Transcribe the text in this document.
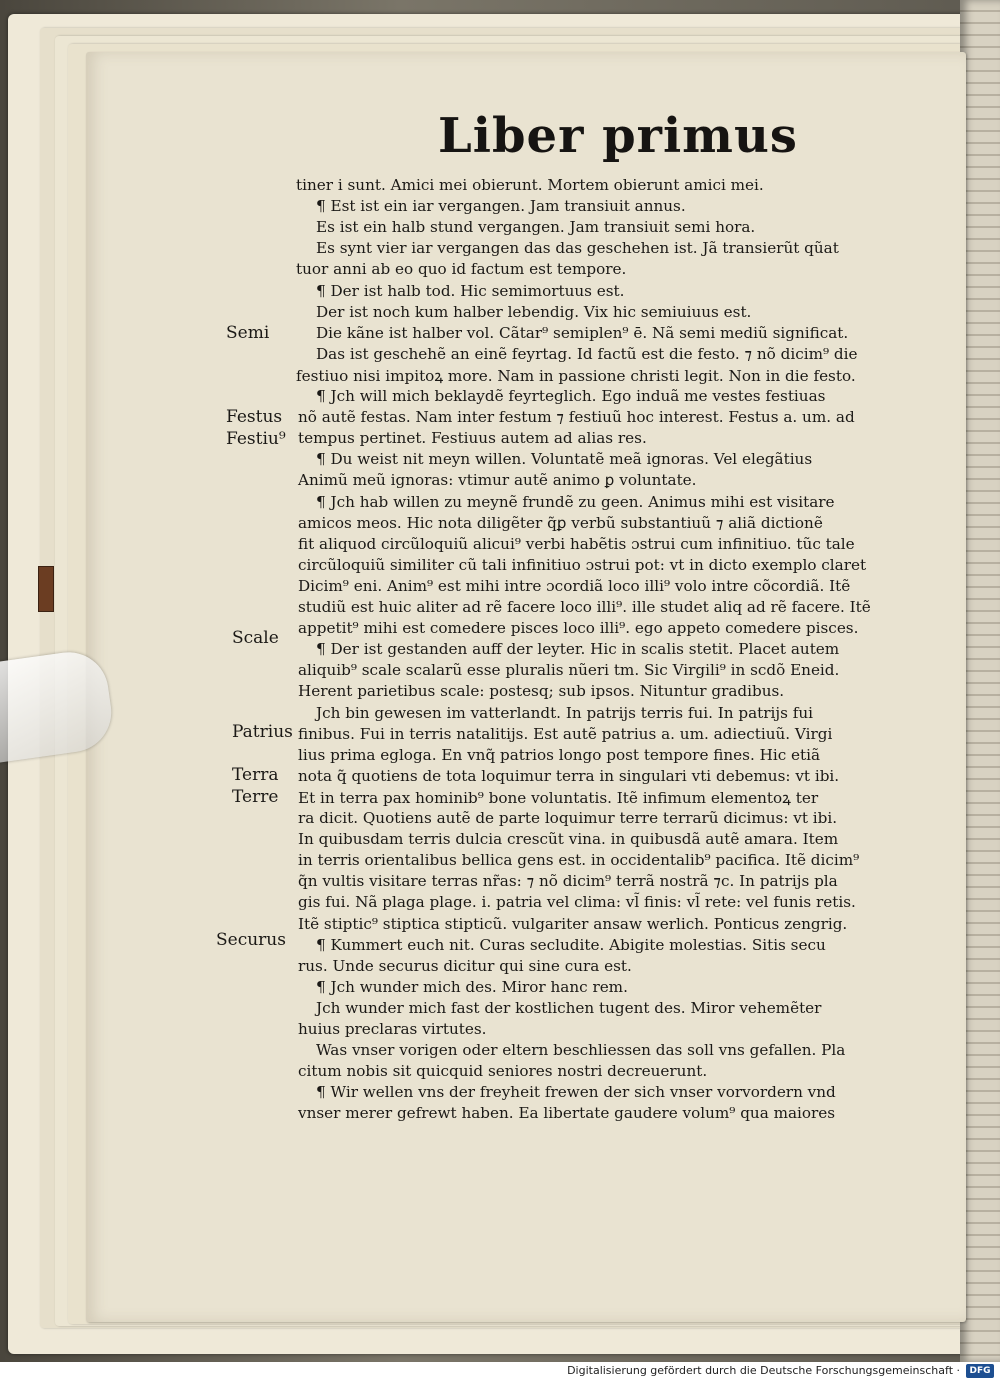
Liber primus
tiner i sunt. Amici mei obierunt. Mortem obierunt amici mei.
¶ Est ist ein iar vergangen. Jam transiuit annus.
Es ist ein halb stund vergangen. Jam transiuit semi hora.
Es synt vier iar vergangen das das geschehen ist. Jã transierũt qũat
tuor anni ab eo quo id factum est tempore.
¶ Der ist halb tod. Hic semimortuus est.
Der ist noch kum halber lebendig. Vix hic semiuiuus est.
Die kãne ist halber vol. Cãtar⁹ semiplen⁹ ē. Nã semi mediũ significat.
Das ist geschehẽ an einẽ feyrtag. Id factũ est die festo. ⁊ nõ dicim⁹ die
festiuo nisi impitoꝝ more. Nam in passione christi legit. Non in die festo.
¶ Jch will mich beklaydẽ feyrteglich. Ego induã me vestes festiuas
nõ autẽ festas. Nam inter festum ⁊ festiuũ hoc interest. Festus a. um. ad
tempus pertinet. Festiuus autem ad alias res.
¶ Du weist nit meyn willen. Voluntatẽ meã ignoras. Vel elegãtius
Animũ meũ ignoras: vtimur autẽ animo ꝑ voluntate.
¶ Jch hab willen zu meynẽ frundẽ zu geen. Animus mihi est visitare
amicos meos. Hic nota diligẽter q̃ꝑ verbũ substantiuũ ⁊ aliã dictionẽ
fit aliquod circũloquiũ alicui⁹ verbi habẽtis ɔstrui cum infinitiuo. tũc tale
circũloquiũ similiter cũ tali infinitiuo ɔstrui pot: vt in dicto exemplo claret
Dicim⁹ eni. Anim⁹ est mihi intre ɔcordiã loco illi⁹ volo intre cõcordiã. Itẽ
studiũ est huic aliter ad rẽ facere loco illi⁹. ille studet aliq ad rẽ facere. Itẽ
appetit⁹ mihi est comedere pisces loco illi⁹. ego appeto comedere pisces.
¶ Der ist gestanden auff der leyter. Hic in scalis stetit. Placet autem
aliquib⁹ scale scalarũ esse pluralis nũeri tm. Sic Virgili⁹ in scdõ Eneid.
Herent parietibus scale: postesq; sub ipsos. Nituntur gradibus.
Jch bin gewesen im vatterlandt. In patrijs terris fui. In patrijs fui
finibus. Fui in terris natalitijs. Est autẽ patrius a. um. adiectiuũ. Virgi
lius prima egloga. En vnq̃ patrios longo post tempore fines. Hic etiã
nota q̃ quotiens de tota loquimur terra in singulari vti debemus: vt ibi.
Et in terra pax hominib⁹ bone voluntatis. Itẽ infimum elementoꝝ ter
ra dicit. Quotiens autẽ de parte loquimur terre terrarũ dicimus: vt ibi.
In quibusdam terris dulcia crescũt vina. in quibusdã autẽ amara. Item
in terris orientalibus bellica gens est. in occidentalib⁹ pacifica. Itẽ dicim⁹
q̃n vultis visitare terras nr̃as: ⁊ nõ dicim⁹ terrã nostrã ⁊c. In patrijs pla
gis fui. Nã plaga plage. i. patria vel clima: vl̃ finis: vl̃ rete: vel funis retis.
Itẽ stiptic⁹ stiptica stipticũ. vulgariter ansaw werlich. Ponticus zengrig.
¶ Kummert euch nit. Curas secludite. Abigite molestias. Sitis secu
rus. Unde securus dicitur qui sine cura est.
¶ Jch wunder mich des. Miror hanc rem.
Jch wunder mich fast der kostlichen tugent des. Miror vehemẽter
huius preclaras virtutes.
Was vnser vorigen oder eltern beschliessen das soll vns gefallen. Pla
citum nobis sit quicquid seniores nostri decreuerunt.
¶ Wir wellen vns der freyheit frewen der sich vnser vorvordern vnd
vnser merer gefrewt haben. Ea libertate gaudere volum⁹ qua maiores
Semi
Festus
Festiu⁹
Scale
Patrius
Terra
Terre
Securus
Digitalisierung gefördert durch die Deutsche Forschungsgemeinschaft ·	DFG
